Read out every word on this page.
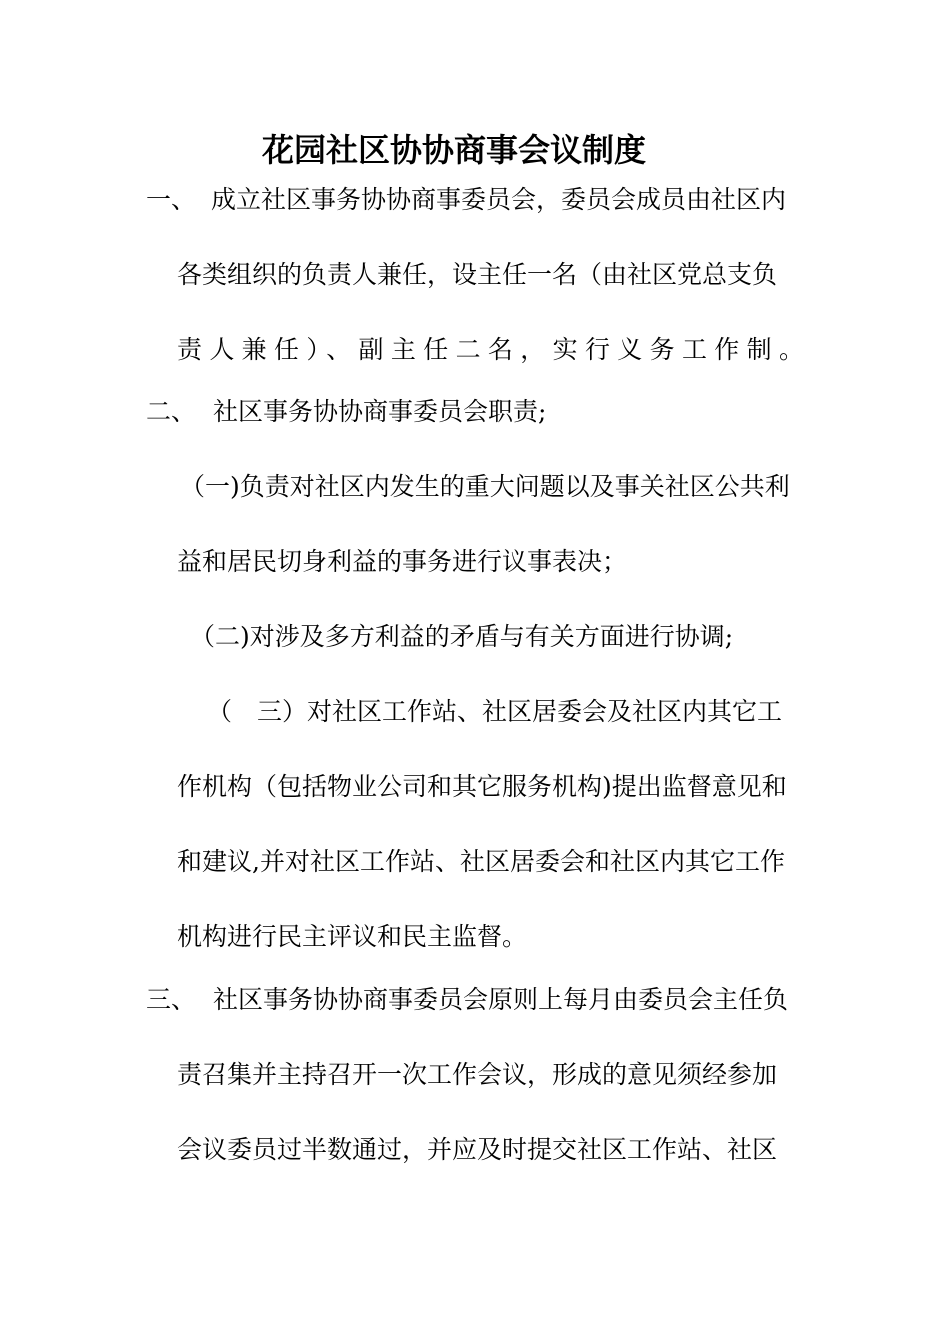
花园社区协协商事会议制度
一、 成立社区事务协协商事委员会，委员会成员由社区内
各类组织的负责人兼任，设主任一名（由社区党总支负
责人兼任）、副主任二名，实行义务工作制。
二、 社区事务协协商事委员会职责;
（一)负责对社区内发生的重大问题以及事关社区公共利
益和居民切身利益的事务进行议事表决；
（二)对涉及多方利益的矛盾与有关方面进行协调;
（　三）对社区工作站、社区居委会及社区内其它工
作机构（包括物业公司和其它服务机构)提出监督意见和
和建议,并对社区工作站、社区居委会和社区内其它工作
机构进行民主评议和民主监督。
三、 社区事务协协商事委员会原则上每月由委员会主任负
责召集并主持召开一次工作会议，形成的意见须经参加
会议委员过半数通过，并应及时提交社区工作站、社区
